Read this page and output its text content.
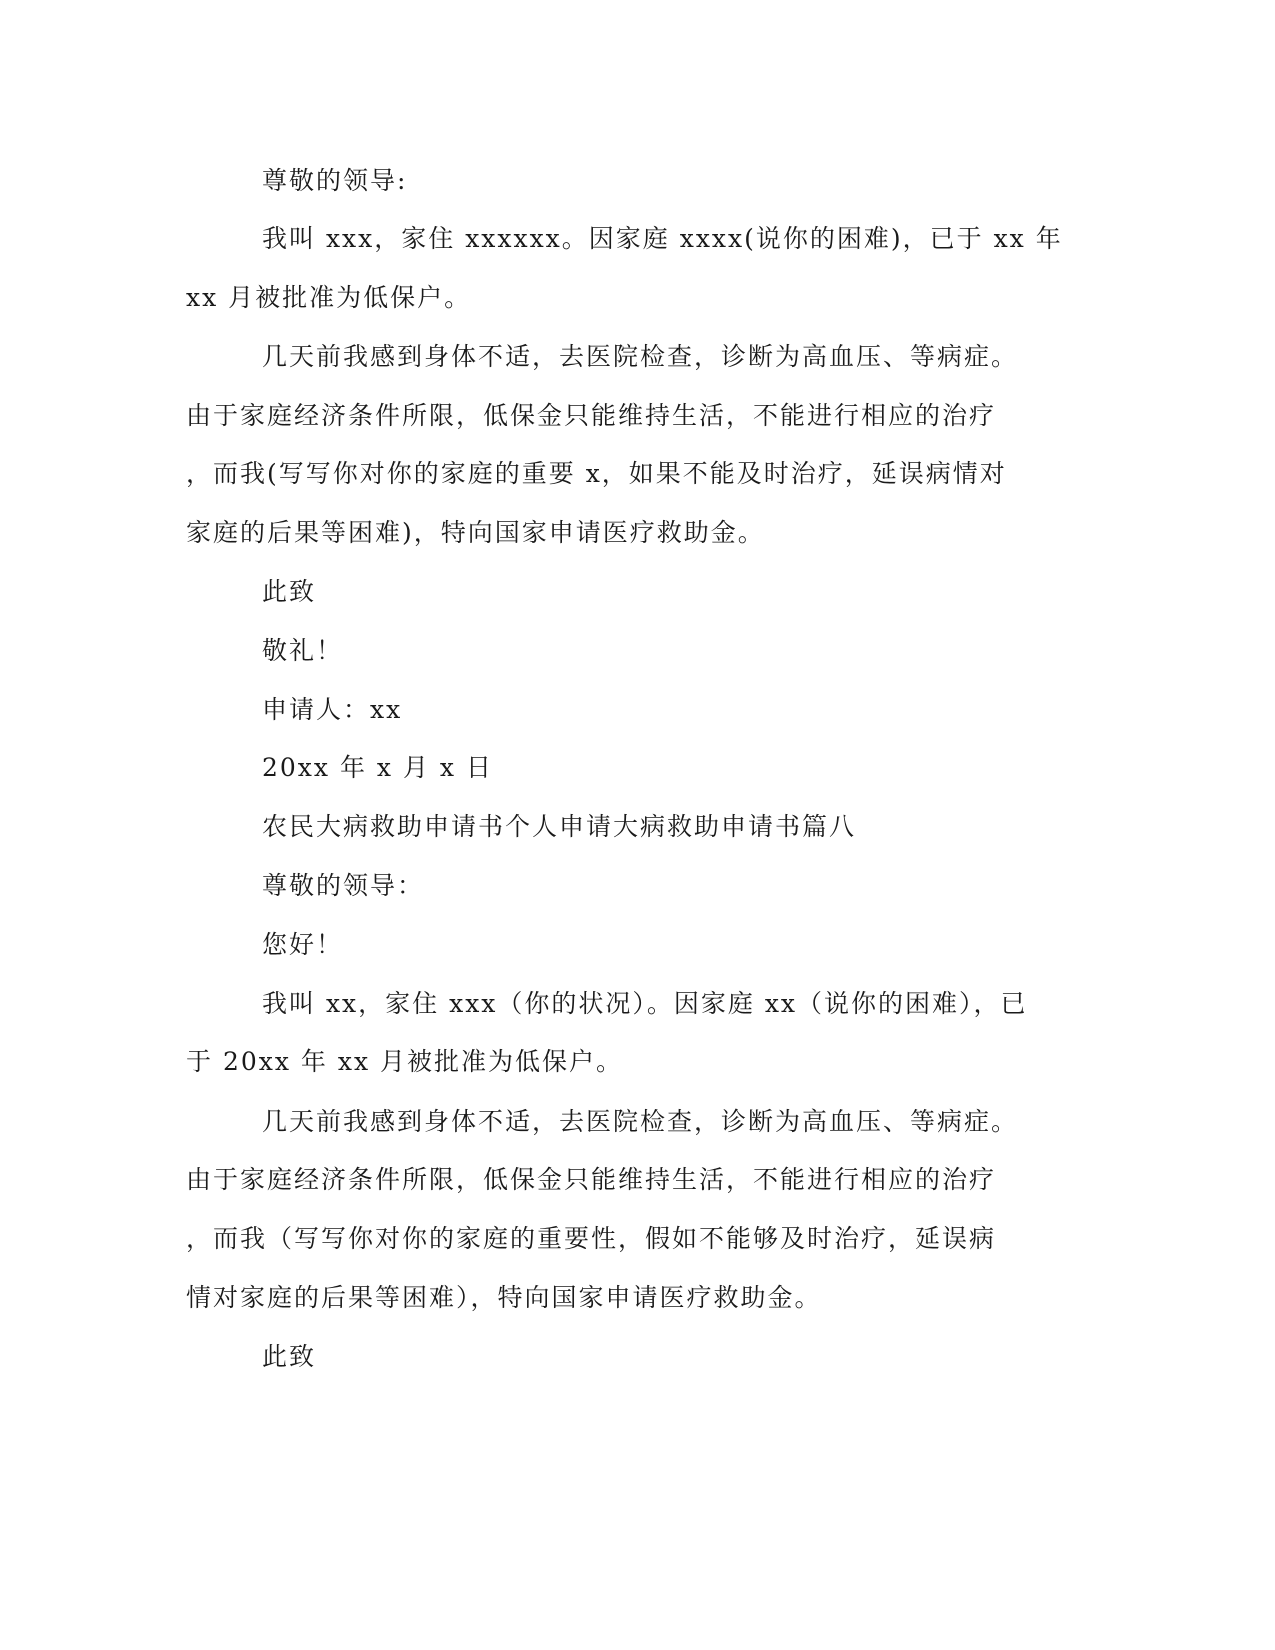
尊敬的领导:
我叫 xxx，家住 xxxxxx。因家庭 xxxx(说你的困难)，已于 xx 年
xx 月被批准为低保户。
几天前我感到身体不适，去医院检查，诊断为高血压、等病症。
由于家庭经济条件所限，低保金只能维持生活，不能进行相应的治疗
，而我(写写你对你的家庭的重要 x，如果不能及时治疗，延误病情对
家庭的后果等困难)，特向国家申请医疗救助金。
此致
敬礼！
申请人：xx
20xx 年 x 月 x 日
农民大病救助申请书个人申请大病救助申请书篇八
尊敬的领导：
您好！
我叫 xx，家住 xxx（你的状况）。因家庭 xx（说你的困难），已
于 20xx 年 xx 月被批准为低保户。
几天前我感到身体不适，去医院检查，诊断为高血压、等病症。
由于家庭经济条件所限，低保金只能维持生活，不能进行相应的治疗
，而我（写写你对你的家庭的重要性，假如不能够及时治疗，延误病
情对家庭的后果等困难），特向国家申请医疗救助金。
此致
